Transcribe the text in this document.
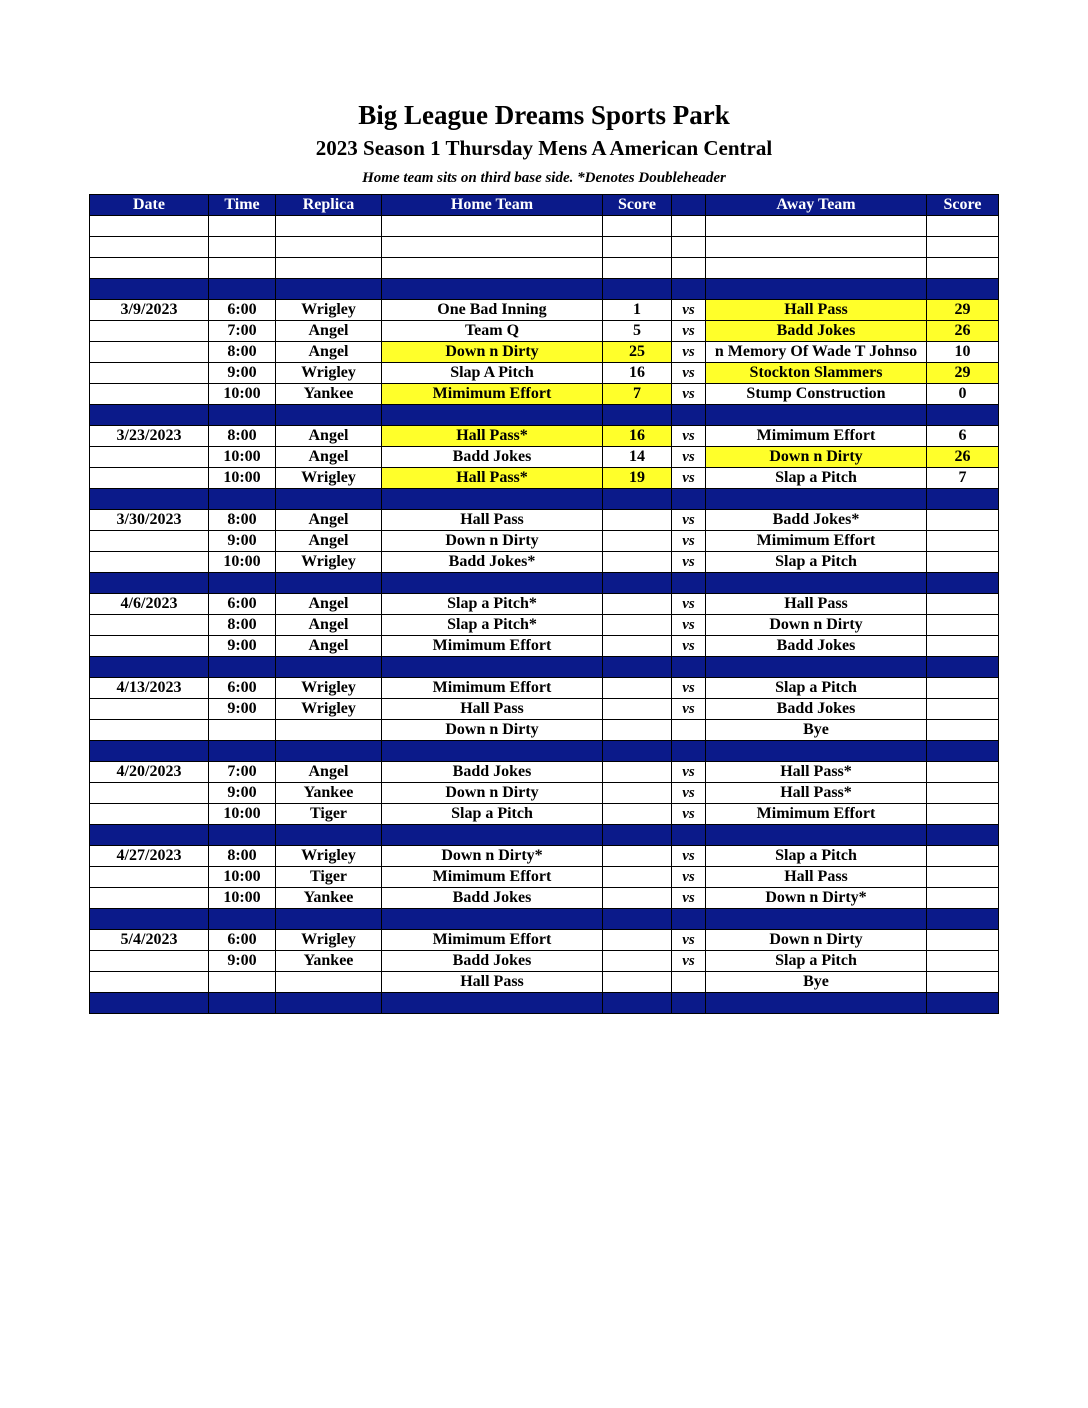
Big League Dreams Sports Park
2023 Season 1 Thursday Mens A American Central
Home team sits on third base side. *Denotes Doubleheader
Date	Time	Replica	Home Team	Score		Away Team	Score

3/9/2023	6:00	Wrigley	One Bad Inning	1	vs	Hall Pass	29
	7:00	Angel	Team Q	5	vs	Badd Jokes	26
	8:00	Angel	Down n Dirty	25	vs	n Memory Of Wade T Johnso	10
	9:00	Wrigley	Slap A Pitch	16	vs	Stockton Slammers	29
	10:00	Yankee	Mimimum Effort	7	vs	Stump Construction	0

3/23/2023	8:00	Angel	Hall Pass*	16	vs	Mimimum Effort	6
	10:00	Angel	Badd Jokes	14	vs	Down n Dirty	26
	10:00	Wrigley	Hall Pass*	19	vs	Slap a Pitch	7

3/30/2023	8:00	Angel	Hall Pass		vs	Badd Jokes*	
	9:00	Angel	Down n Dirty		vs	Mimimum Effort	
	10:00	Wrigley	Badd Jokes*		vs	Slap a Pitch	

4/6/2023	6:00	Angel	Slap a Pitch*		vs	Hall Pass	
	8:00	Angel	Slap a Pitch*		vs	Down n Dirty	
	9:00	Angel	Mimimum Effort		vs	Badd Jokes	

4/13/2023	6:00	Wrigley	Mimimum Effort		vs	Slap a Pitch	
	9:00	Wrigley	Hall Pass		vs	Badd Jokes	
			Down n Dirty			Bye	

4/20/2023	7:00	Angel	Badd Jokes		vs	Hall Pass*	
	9:00	Yankee	Down n Dirty		vs	Hall Pass*	
	10:00	Tiger	Slap a Pitch		vs	Mimimum Effort	

4/27/2023	8:00	Wrigley	Down n Dirty*		vs	Slap a Pitch	
	10:00	Tiger	Mimimum Effort		vs	Hall Pass	
	10:00	Yankee	Badd Jokes		vs	Down n Dirty*	

5/4/2023	6:00	Wrigley	Mimimum Effort		vs	Down n Dirty	
	9:00	Yankee	Badd Jokes		vs	Slap a Pitch	
			Hall Pass			Bye	
